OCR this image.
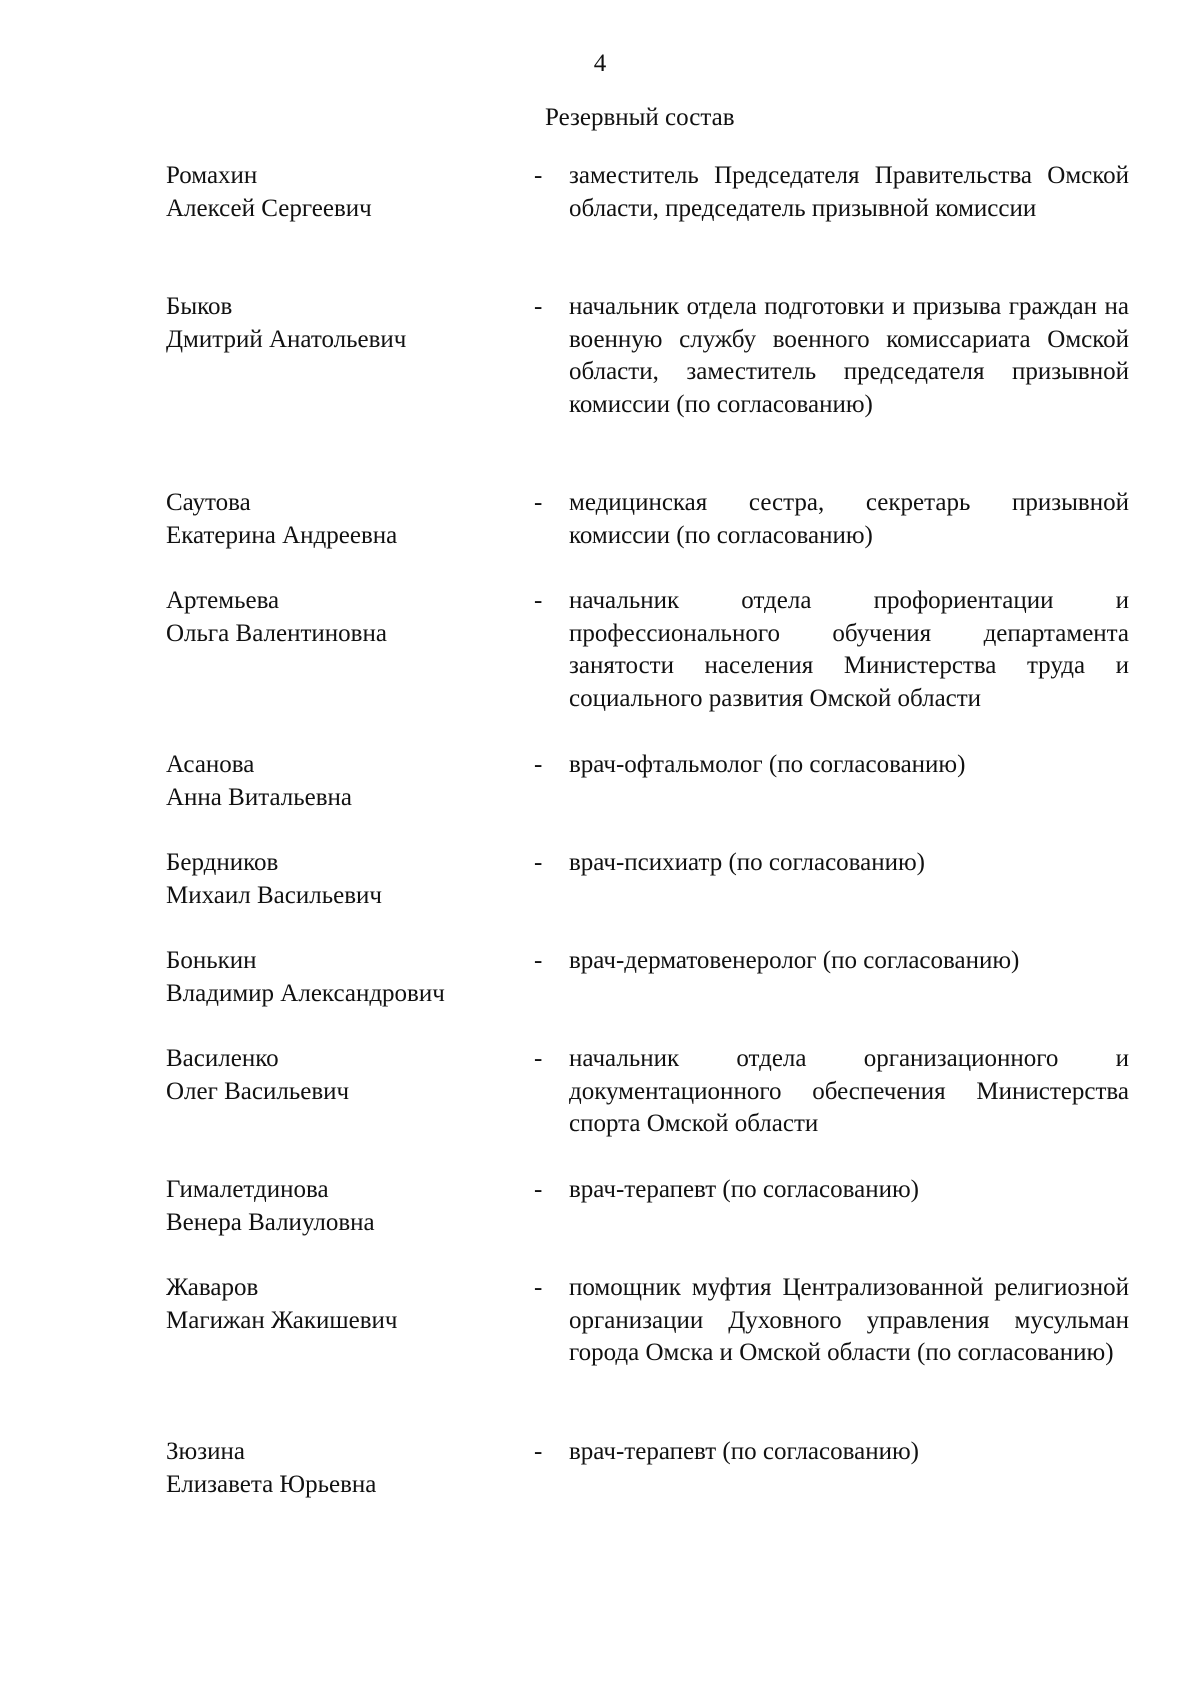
4
Резервный состав
Ромахин
Алексей Сергеевич
-	заместитель Председателя Правительства Омской области, председатель призывной комиссии
Быков
Дмитрий Анатольевич
-	начальник отдела подготовки и призыва граждан на военную службу военного комиссариата Омской области, заместитель председателя призывной комиссии (по согласованию)
Саутова
Екатерина Андреевна
-	медицинская сестра, секретарь призывной комиссии (по согласованию)
Артемьева
Ольга Валентиновна
-	начальник отдела профориентации и профессионального обучения департамента занятости населения Министерства труда и социального развития Омской области
Асанова
Анна Витальевна
-	врач-офтальмолог (по согласованию)
Бердников
Михаил Васильевич
-	врач-психиатр (по согласованию)
Бонькин
Владимир Александрович
-	врач-дерматовенеролог (по согласованию)
Василенко
Олег Васильевич
-	начальник отдела организационного и документационного обеспечения Министерства спорта Омской области
Гималетдинова
Венера Валиуловна
-	врач-терапевт (по согласованию)
Жаваров
Магижан Жакишевич
-	помощник муфтия Централизованной религиозной организации Духовного управления мусульман города Омска и Омской области (по согласованию)
Зюзина
Елизавета Юрьевна
-	врач-терапевт (по согласованию)
